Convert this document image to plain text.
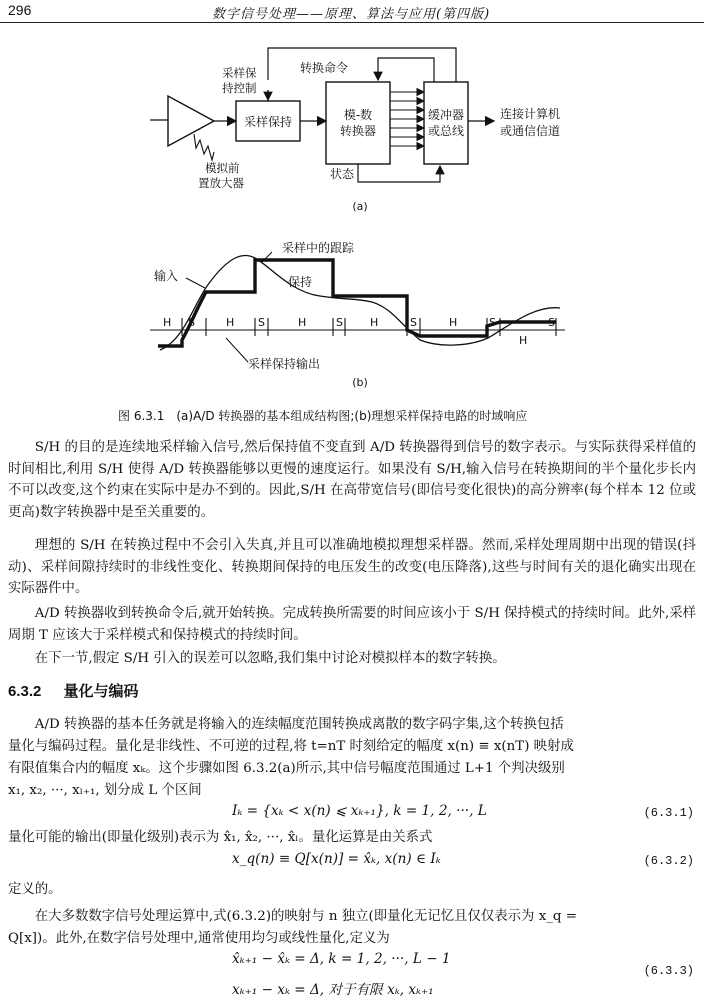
296	数字信号处理——原理、算法与应用(第四版)
采样保持
采样保
持控制
模-数
转换器
缓冲器
或总线
连接计算机
或通信信道
转换命令
状态
模拟前
置放大器
(a)
H S	H S	H	S H	S	H	S
H
S
采样中的跟踪
输入	保持
采样保持输出
(b)
图 6.3.1　(a)A/D 转换器的基本组成结构图;(b)理想采样保持电路的时域响应
S/H 的目的是连续地采样输入信号,然后保持值不变直到 A/D 转换器得到信号的数字表示。与实际获得采样值的时间相比,利用 S/H 使得 A/D 转换器能够以更慢的速度运行。如果没有 S/H,输入信号在转换期间的半个量化步长内不可以改变,这个约束在实际中是办不到的。因此,S/H 在高带宽信号(即信号变化很快)的高分辨率(每个样本 12 位或更高)数字转换器中是至关重要的。
理想的 S/H 在转换过程中不会引入失真,并且可以准确地模拟理想采样器。然而,采样处理周期中出现的错误(抖动)、采样间隙持续时的非线性变化、转换期间保持的电压发生的改变(电压降落),这些与时间有关的退化确实出现在实际器件中。
A/D 转换器收到转换命令后,就开始转换。完成转换所需要的时间应该小于 S/H 保持模式的持续时间。此外,采样周期 T 应该大于采样模式和保持模式的持续时间。
在下一节,假定 S/H 引入的误差可以忽略,我们集中讨论对模拟样本的数字转换。
6.3.2 量化与编码
A/D 转换器的基本任务就是将输入的连续幅度范围转换成离散的数字码字集,这个转换包括
量化与编码过程。量化是非线性、不可逆的过程,将 t=nT 时刻给定的幅度 x(n) ≡ x(nT) 映射成
有限值集合内的幅度 xₖ。这个步骤如图 6.3.2(a)所示,其中信号幅度范围通过 L+1 个判决级别
x₁, x₂, ···, xₗ₊₁, 划分成 L 个区间
Iₖ = {xₖ < x(n) ⩽ xₖ₊₁}, k = 1, 2, ···, L	(6.3.1)
量化可能的输出(即量化级别)表示为 x̂₁, x̂₂, ···, x̂ₗ。量化运算是由关系式
x_q(n) ≡ Q[x(n)] = x̂ₖ, x(n) ∈ Iₖ	(6.3.2)
定义的。
在大多数数字信号处理运算中,式(6.3.2)的映射与 n 独立(即量化无记忆且仅仅表示为 x_q =
Q[x])。此外,在数字信号处理中,通常使用均匀或线性量化,定义为
x̂ₖ₊₁ − x̂ₖ = Δ, k = 1, 2, ···, L − 1
(6.3.3)
xₖ₊₁ − xₖ = Δ, 对于有限 xₖ, xₖ₊₁
